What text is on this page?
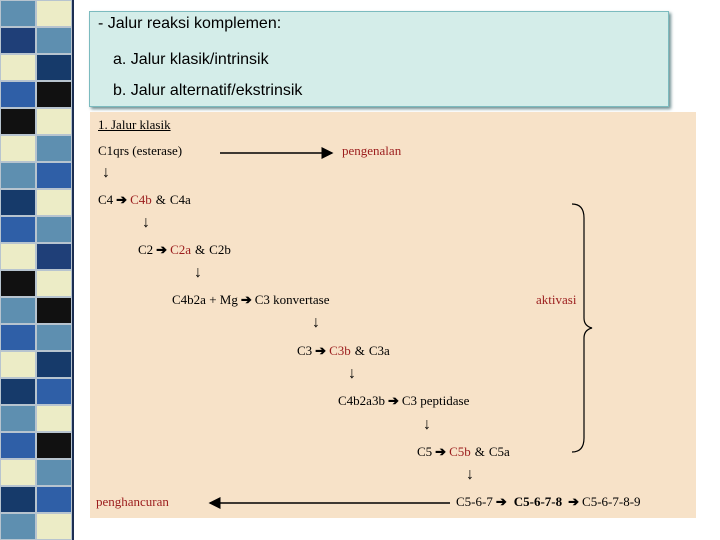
- Jalur reaksi komplemen:
a. Jalur klasik/intrinsik
b. Jalur alternatif/ekstrinsik
1. Jalur klasik
C1qrs (esterase)	pengenalan
↓
C4 ➔ C4b & C4a
↓
C2 ➔ C2a & C2b
↓
C4b2a + Mg ➔ C3 konvertase	aktivasi
↓
C3 ➔ C3b & C3a
↓
C4b2a3b ➔ C3 peptidase
↓
C5 ➔ C5b & C5a
↓
penghancuran	C5-6-7 ➔ C5-6-7-8 ➔ C5-6-7-8-9
